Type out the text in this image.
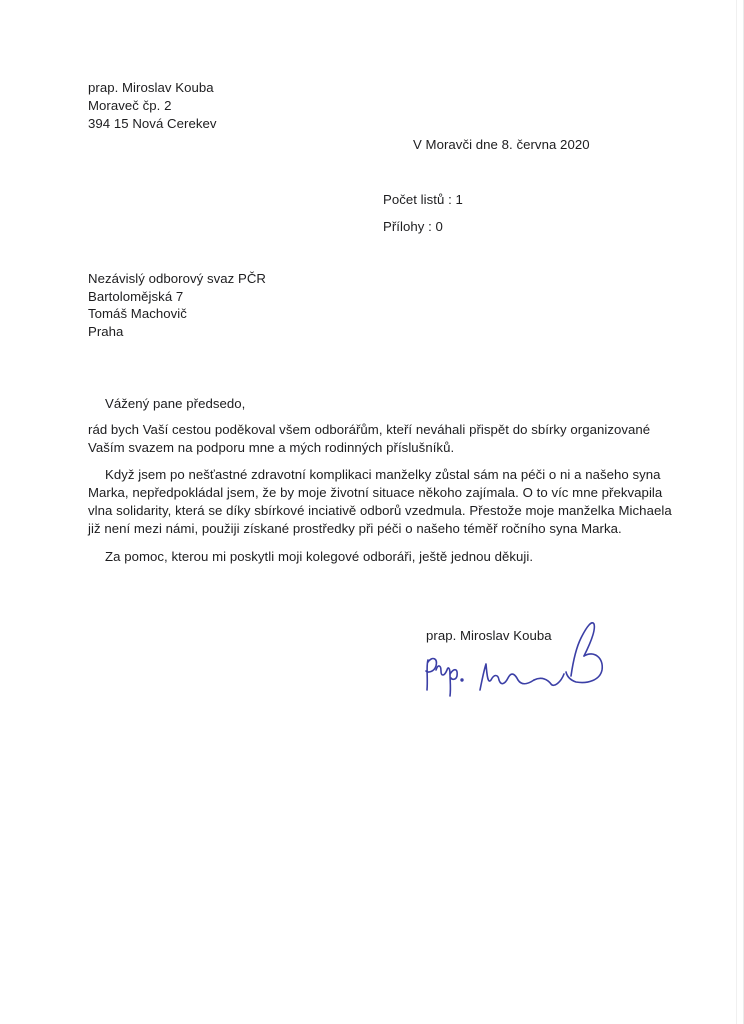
prap. Miroslav Kouba
Moraveč čp. 2
394 15 Nová Cerekev
V Moravči dne 8. června 2020
Počet listů : 1
Přílohy : 0
Nezávislý odborový svaz PČR
Bartolomějská 7
Tomáš Machovič
Praha
Vážený pane předsedo,
rád bych Vaší cestou poděkoval všem odborářům, kteří neváhali přispět do sbírky organizované
Vaším svazem na podporu mne a mých rodinných příslušníků.
Když jsem po nešťastné zdravotní komplikaci manželky zůstal sám na péči o ni a našeho syna
Marka, nepředpokládal jsem, že by moje životní situace někoho zajímala. O to víc mne překvapila
vlna solidarity, která se díky sbírkové inciativě odborů vzedmula. Přestože moje manželka Michaela
již není mezi námi, použiji získané prostředky při péči o našeho téměř ročního syna Marka.
Za pomoc, kterou mi poskytli moji kolegové odboráři, ještě jednou děkuji.
prap. Miroslav Kouba
